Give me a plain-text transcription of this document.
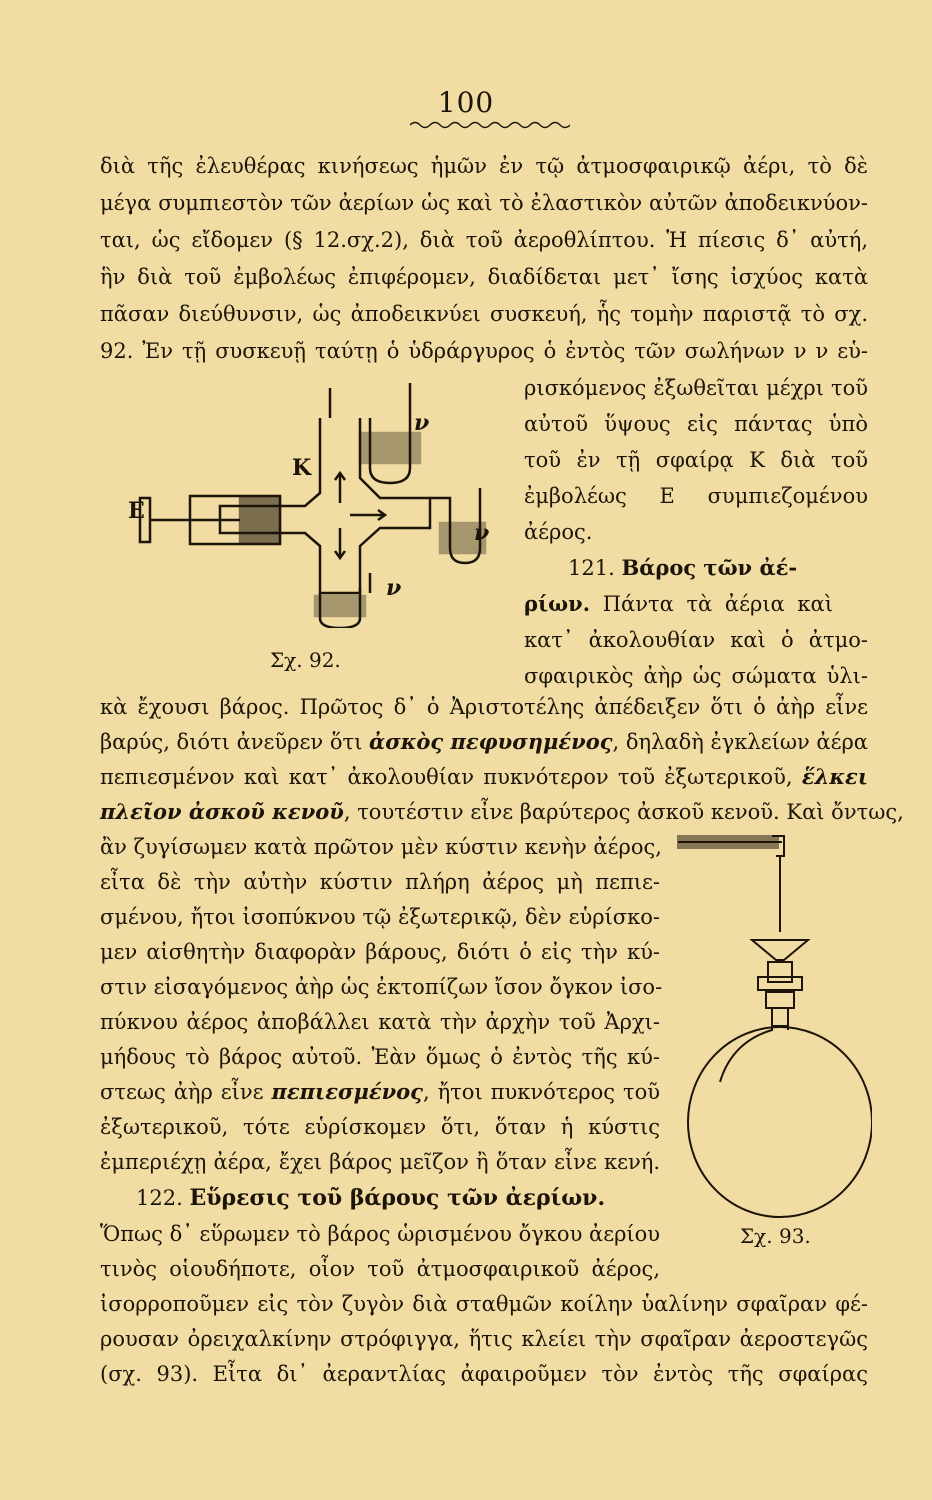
100
διὰ τῆς ἐλευθέρας κινήσεως ἡμῶν ἐν τῷ ἀτμοσφαιρικῷ ἀέρι, τὸ δὲ
μέγα συμπιεστὸν τῶν ἀερίων ὡς καὶ τὸ ἐλαστικὸν αὐτῶν ἀποδεικνύον-
ται, ὡς εἴδομεν (§ 12.σχ.2), διὰ τοῦ ἀεροθλίπτου. Ἡ πίεσις δ᾽ αὐτή,
ἣν διὰ τοῦ ἐμβολέως ἐπιφέρομεν, διαδίδεται μετ᾽ ἴσης ἰσχύος κατὰ
πᾶσαν διεύθυνσιν, ὡς ἀποδεικνύει συσκευή, ἧς τομὴν παριστᾷ τὸ σχ.
92. Ἐν τῇ συσκευῇ ταύτῃ ὁ ὑδράργυρος ὁ ἐντὸς τῶν σωλήνων ν ν εὑ-
ρισκόμενος ἐξωθεῖται μέχρι τοῦ
αὐτοῦ ὕψους εἰς πάντας ὑπὸ
τοῦ ἐν τῇ σφαίρᾳ Κ διὰ τοῦ
ἐμβολέως Ε συμπιεζομένου
ἀέρος.
121. Βάρος τῶν ἀέ-
ρίων. Πάντα τὰ ἀέρια καὶ
κατ᾽ ἀκολουθίαν καὶ ὁ ἀτμο-
σφαιρικὸς ἀὴρ ὡς σώματα ὑλι-
Κ
Ε
ν
ν
ν
Σχ. 92.
κὰ ἔχουσι βάρος. Πρῶτος δ᾽ ὁ Ἀριστοτέλης ἀπέδειξεν ὅτι ὁ ἀὴρ εἶνε
βαρύς, διότι ἀνεῦρεν ὅτι ἀσκὸς πεφυσημένος, δηλαδὴ ἐγκλείων ἀέρα
πεπιεσμένον καὶ κατ᾽ ἀκολουθίαν πυκνότερον τοῦ ἐξωτερικοῦ, ἕλκει
πλεῖον ἀσκοῦ κενοῦ, τουτέστιν εἶνε βαρύτερος ἀσκοῦ κενοῦ. Καὶ ὄντως,
ἂν ζυγίσωμεν κατὰ πρῶτον μὲν κύστιν κενὴν ἀέρος,
εἶτα δὲ τὴν αὐτὴν κύστιν πλήρη ἀέρος μὴ πεπιε-
σμένου, ἤτοι ἰσοπύκνου τῷ ἐξωτερικῷ, δὲν εὑρίσκο-
μεν αἰσθητὴν διαφορὰν βάρους, διότι ὁ εἰς τὴν κύ-
στιν εἰσαγόμενος ἀὴρ ὡς ἐκτοπίζων ἴσον ὄγκον ἰσο-
πύκνου ἀέρος ἀποβάλλει κατὰ τὴν ἀρχὴν τοῦ Ἀρχι-
μήδους τὸ βάρος αὐτοῦ. Ἐὰν ὅμως ὁ ἐντὸς τῆς κύ-
στεως ἀὴρ εἶνε πεπιεσμένος, ἤτοι πυκνότερος τοῦ
ἐξωτερικοῦ, τότε εὑρίσκομεν ὅτι, ὅταν ἡ κύστις
ἐμπεριέχῃ ἀέρα, ἔχει βάρος μεῖζον ἢ ὅταν εἶνε κενή.
122. Εὕρεσις τοῦ βάρους τῶν ἀερίων.
Ὅπως δ᾽ εὕρωμεν τὸ βάρος ὡρισμένου ὄγκου ἀερίου
τινὸς οἱουδήποτε, οἷον τοῦ ἀτμοσφαιρικοῦ ἀέρος,
Σχ. 93.
ἰσορροποῦμεν εἰς τὸν ζυγὸν διὰ σταθμῶν κοίλην ὑαλίνην σφαῖραν φέ-
ρουσαν ὀρειχαλκίνην στρόφιγγα, ἥτις κλείει τὴν σφαῖραν ἀεροστεγῶς
(σχ. 93). Εἶτα δι᾽ ἀεραντλίας ἀφαιροῦμεν τὸν ἐντὸς τῆς σφαίρας
